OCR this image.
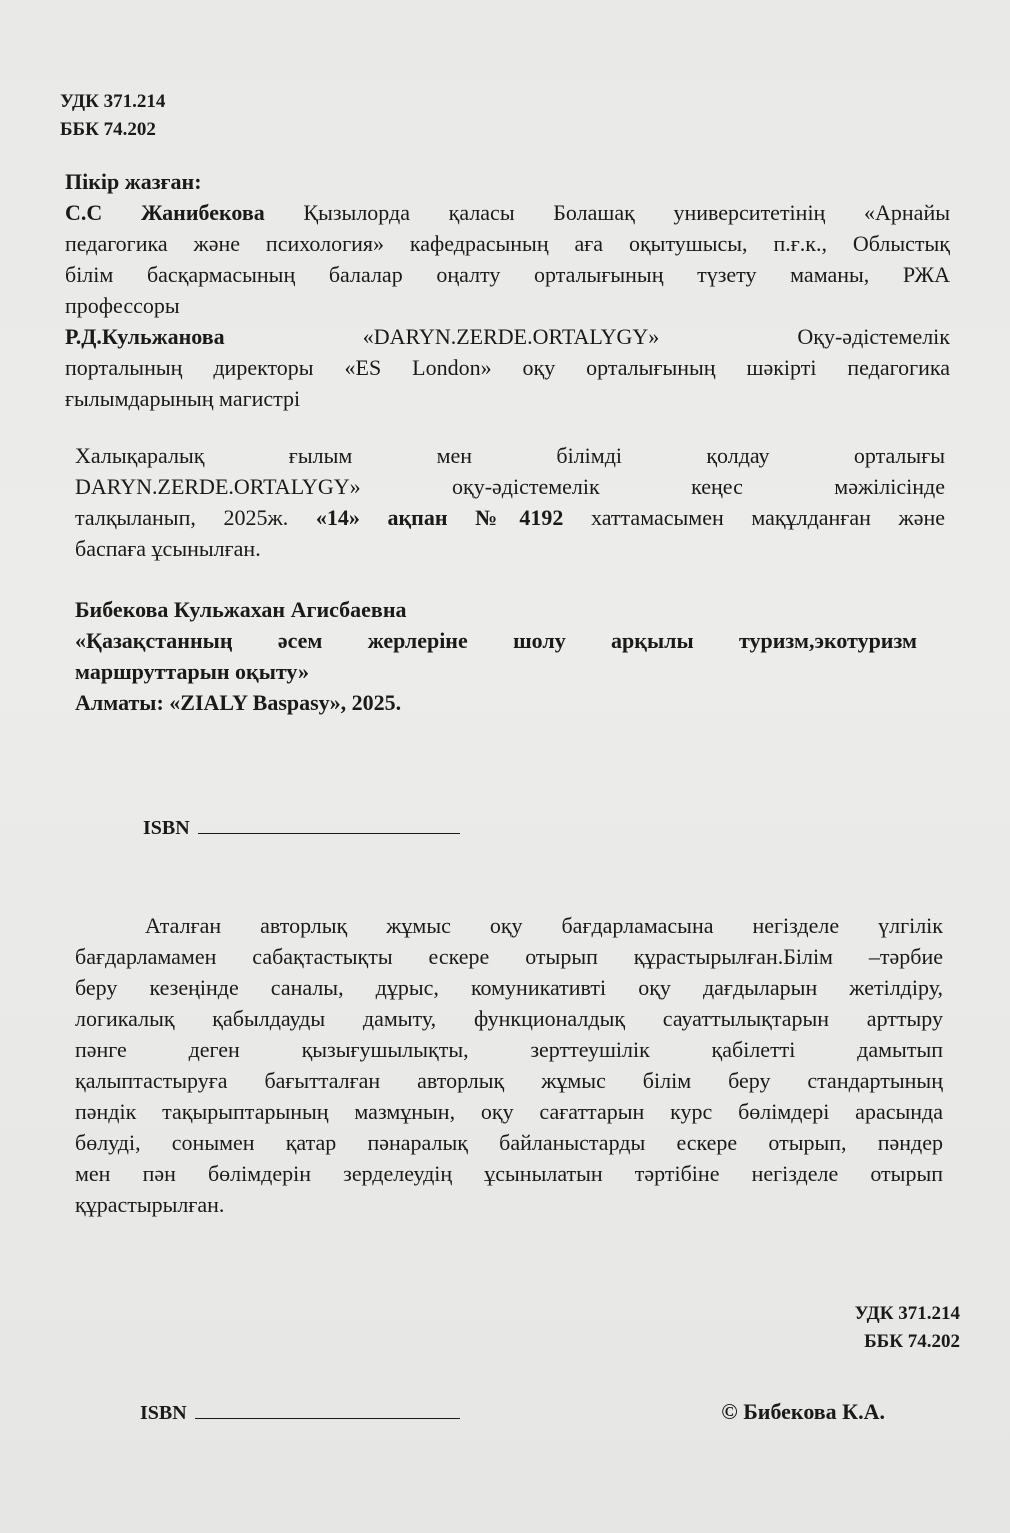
УДК 371.214
ББК 74.202
Пікір жазған:
С.С Жанибекова Қызылорда қаласы Болашақ университетінің «Арнайы
педагогика және психология» кафедрасының аға оқытушысы, п.ғ.к., Облыстық
білім басқармасының балалар оңалту орталығының түзету маманы, РЖА
профессоры
Р.Д.Кульжанова «DARYN.ZERDE.ORTALYGY» Оқу-әдістемелік
порталының директоры «ES London» оқу орталығының шәкірті педагогика
ғылымдарының магистрі
Халықаралық ғылым мен білімді қолдау орталығы
DARYN.ZERDE.ORTALYGY» оқу-әдістемелік кеңес мәжілісінде
талқыланып, 2025ж. «14» ақпан №4192 хаттамасымен мақұлданған және
баспаға ұсынылған.
Бибекова Кульжахан Агисбаевна
«Қазақстанның әсем жерлеріне шолу арқылы туризм,экотуризм
маршруттарын оқыту»
Алматы: «ZIALY Baspasy», 2025.
ISBN
Аталған авторлық жұмыс оқу бағдарламасына негізделе үлгілік
бағдарламамен сабақтастықты ескере отырып құрастырылған.Білім –тәрбие
беру кезеңінде саналы, дұрыс, комуникативті оқу дағдыларын жетілдіру,
логикалық қабылдауды дамыту, функционалдық сауаттылықтарын арттыру
пәнге деген қызығушылықты, зерттеушілік қабілетті дамытып
қалыптастыруға бағытталған авторлық жұмыс білім беру стандартының
пәндік тақырыптарының мазмұнын, оқу сағаттарын курс бөлімдері арасында
бөлуді, сонымен қатар пәнаралық байланыстарды ескере отырып, пәндер
мен пән бөлімдерін зерделеудің ұсынылатын тәртібіне негізделе отырып
құрастырылған.
УДК 371.214
ББК 74.202
ISBN	© Бибекова К.А.
